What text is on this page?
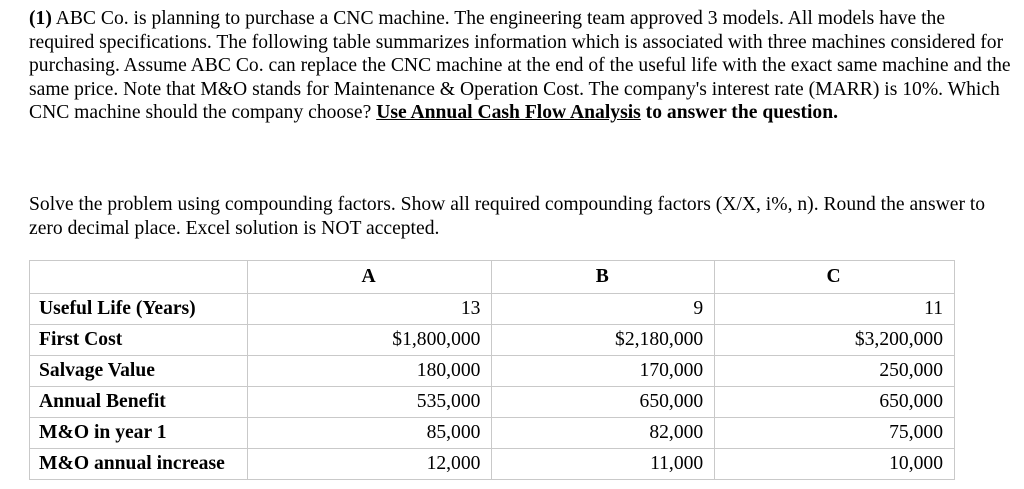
(1) ABC Co. is planning to purchase a CNC machine. The engineering team approved 3 models. All models have the required specifications. The following table summarizes information which is associated with three machines considered for purchasing. Assume ABC Co. can replace the CNC machine at the end of the useful life with the exact same machine and the same price. Note that M&O stands for Maintenance & Operation Cost. The company's interest rate (MARR) is 10%. Which CNC machine should the company choose? Use Annual Cash Flow Analysis to answer the question.

Solve the problem using compounding factors. Show all required compounding factors (X/X, i%, n). Round the answer to zero decimal place. Excel solution is NOT accepted.

	A	B	C
Useful Life (Years)	13	9	11
First Cost	$1,800,000	$2,180,000	$3,200,000
Salvage Value	180,000	170,000	250,000
Annual Benefit	535,000	650,000	650,000
M&O in year 1	85,000	82,000	75,000
M&O annual increase	12,000	11,000	10,000
